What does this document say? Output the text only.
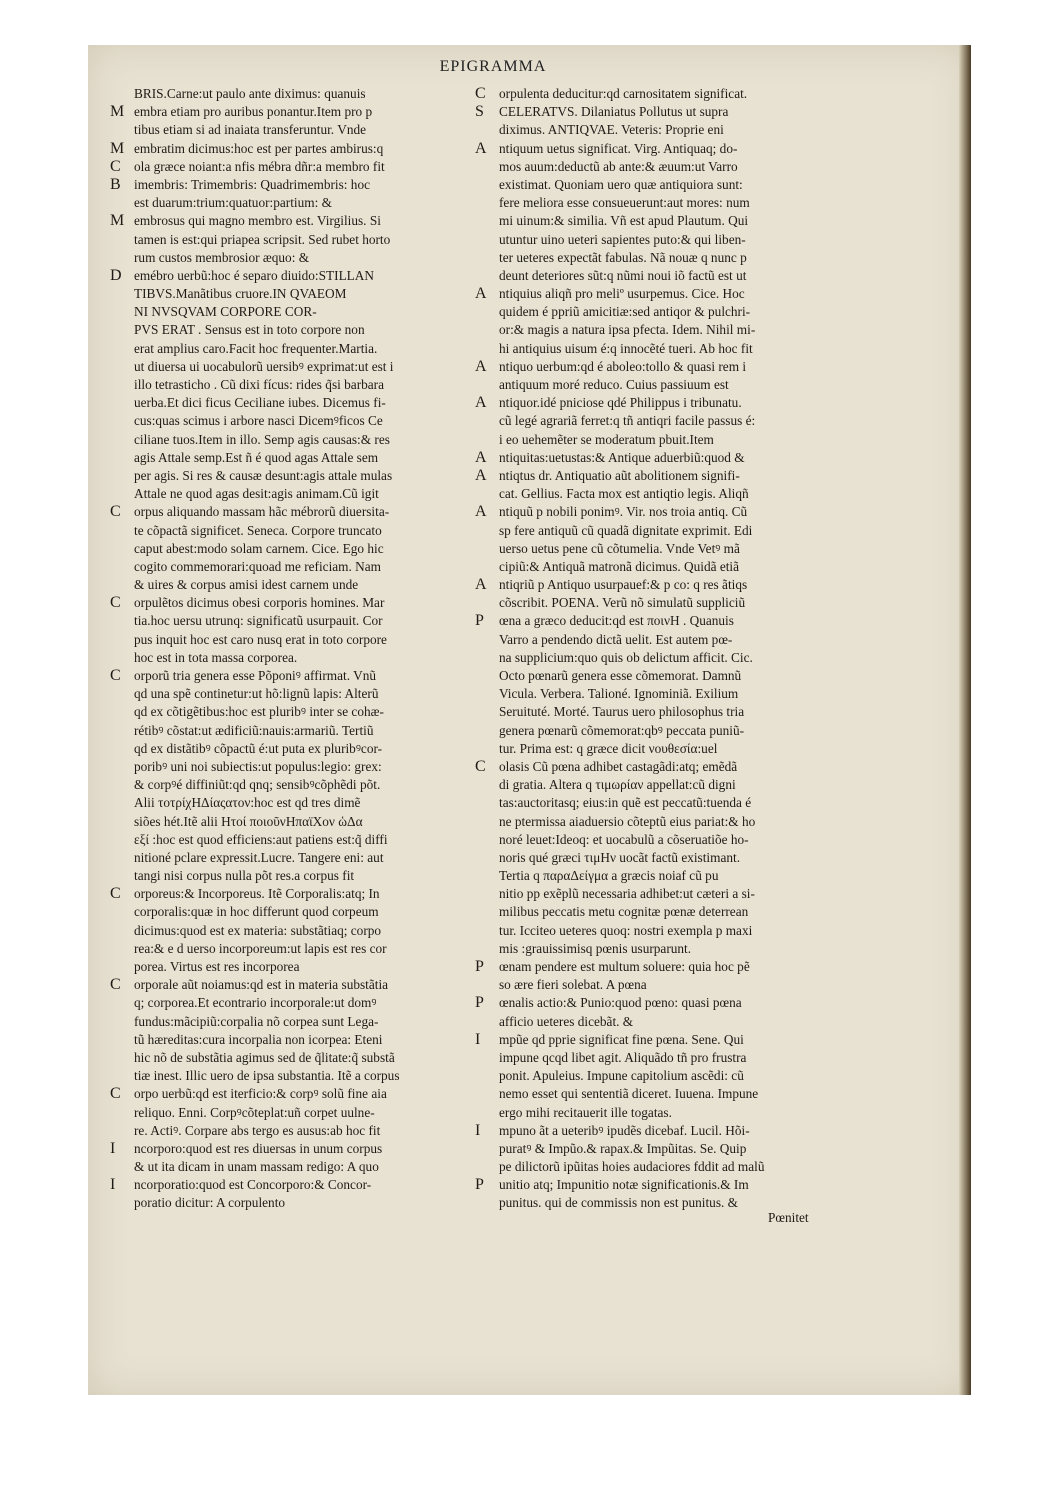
EPIGRAMMA
BRIS.Carne:ut paulo ante diximus: quanuis
M embra etiam pro auribus ponantur.Item pro p
tibus etiam si ad inaiata transferuntur. Vnde
M embratim dicimus:hoc est per partes ambirus:q
C ola græce noiant:a nfis mébra dñr:a membro fit
B imembris: Trimembris: Quadrimembris: hoc
est duarum:trium:quatuor:partium: &
M embrosus qui magno membro est. Virgilius. Si
tamen is est:qui priapea scripsit. Sed rubet horto
rum custos membrosior æquo: &
D emébro uerbũ:hoc é separo diuido:STILLAN
TIBVS.Manãtibus cruore.IN QVAEOM
NI NVSQVAM CORPORE COR-
PVS ERAT . Sensus est in toto corpore non
erat amplius caro.Facit hoc frequenter.Martia.
ut diuersa ui uocabulorũ uersibꝰ exprimat:ut est i
illo tetrasticho . Cũ dixi fícus: rides q̃si barbara
uerba.Et dici ficus Ceciliane iubes. Dicemus fi-
cus:quas scimus i arbore nasci Dicemꝰficos Ce
ciliane tuos.Item in illo. Semp agis causas:& res
agis Attale semp.Est ñ é quod agas Attale sem
per agis. Si res & causæ desunt:agis attale mulas
Attale ne quod agas desit:agis animam.Cũ igit
C orpus aliquando massam hãc mébrorũ diuersita-
te cõpactã significet. Seneca. Corpore truncato
caput abest:modo solam carnem. Cice. Ego hic
cogito commemorari:quoad me reficiam. Nam
& uires & corpus amisi idest carnem unde
C orpulẽtos dicimus obesi corporis homines. Mar
tia.hoc uersu utrunq: significatũ usurpauit. Cor
pus inquit hoc est caro nusq erat in toto corpore
hoc est in tota massa corporea.
C orporũ tria genera esse Põponiꝰ affirmat. Vnũ
qd una spẽ continetur:ut hõ:lignũ lapis: Alterũ
qd ex cõtigẽtibus:hoc est pluribꝰ inter se cohæ-
rétibꝰ cõstat:ut ædificiũ:nauis:armariũ. Tertiũ
qd ex distãtibꝰ cõpactũ é:ut puta ex pluribꝰcor-
poribꝰ uni noi subiectis:ut populus:legio: grex:
& corpꝰé diffiniũt:qd qnq; sensibꝰcõphẽdi põt.
Alii τοτρίχΗΔίαςατον:hoc est qd tres dimẽ
siões hét.Itẽ alii Ητοί ποιοῦνΗπαϊΧον ὡΔα
εξί :hoc est quod efficiens:aut patiens est:q̃ diffi
nitioné pclare expressit.Lucre. Tangere eni: aut
tangi nisi corpus nulla põt res.a corpus fit
C orporeus:& Incorporeus. Itẽ Corporalis:atq; In
corporalis:quæ in hoc differunt quod corpeum
dicimus:quod est ex materia: substãtiaq; corpo
rea:& e d uerso incorporeum:ut lapis est res cor
porea. Virtus est res incorporea
C orporale aũt noiamus:qd est in materia substãtia
q; corporea.Et econtrario incorporale:ut domꝰ
fundus:mãcipiũ:corpalia nõ corpea sunt Lega-
tũ hæreditas:cura incorpalia non icorpea: Eteni
hic nõ de substãtia agimus sed de q̃litate:q̃ substã
tiæ inest. Illic uero de ipsa substantia. Itẽ a corpus
C orpo uerbũ:qd est iterficio:& corpꝰ solũ fine aia
reliquo. Enni. Corpꝰcõteplat:uñ corpet uulne-
re. Actiꝰ. Corpare abs tergo es ausus:ab hoc fit
I ncorporo:quod est res diuersas in unum corpus
& ut ita dicam in unam massam redigo: A quo
I ncorporatio:quod est Concorporo:& Concor-
poratio dicitur: A corpulento
C orpulenta deducitur:qd carnositatem significat.
S CELERATVS. Dilaniatus Pollutus ut supra
diximus. ANTIQVAE. Veteris: Proprie eni
A ntiquum uetus significat. Virg. Antiquaq; do-
mos auum:deductũ ab ante:& æuum:ut Varro
existimat. Quoniam uero quæ antiquiora sunt:
fere meliora esse consueuerunt:aut mores: num
mi uinum:& similia. Vñ est apud Plautum. Qui
utuntur uino ueteri sapientes puto:& qui liben-
ter ueteres expectãt fabulas. Nã nouæ q nunc p
deunt deteriores sũt:q nũmi noui iõ factũ est ut
A ntiquius aliqñ pro meliº usurpemus. Cice. Hoc
quidem é ppriũ amicitiæ:sed antiqor & pulchri-
or:& magis a natura ipsa pfecta. Idem. Nihil mi-
hi antiquius uisum é:q innocẽté tueri. Ab hoc fit
A ntiquo uerbum:qd é aboleo:tollo & quasi rem i
antiquum moré reduco. Cuius passiuum est
A ntiquor.idé pniciose qdé Philippus i tribunatu.
cũ legé agrariã ferret:q tñ antiqri facile passus é:
i eo uehemẽter se moderatum pbuit.Item
A ntiquitas:uetustas:& Antique aduerbiũ:quod &
A ntiqtus dr. Antiquatio aũt abolitionem signifi-
cat. Gellius. Facta mox est antiqtio legis. Aliqñ
A ntiquũ p nobili ponimꝰ. Vir. nos troia antiq. Cũ
sp fere antiquũ cũ quadã dignitate exprimit. Edi
uerso uetus pene cũ cõtumelia. Vnde Vetꝰ mã
cipiũ:& Antiquã matronã dicimus. Quidã etiã
A ntiqriũ p Antiquo usurpauef:& p co: q res ãtiqs
cõscribit. POENA. Verũ nõ simulatũ suppliciũ
P œna a græco deducit:qd est ποινΗ . Quanuis
Varro a pendendo dictã uelit. Est autem pœ-
na supplicium:quo quis ob delictum afficit. Cic.
Octo pœnarũ genera esse cõmemorat. Damnũ
Vicula. Verbera. Talioné. Ignominiã. Exilium
Seruituté. Morté. Taurus uero philosophus tria
genera pœnarũ cõmemorat:qbꝰ peccata puniũ-
tur. Prima est: q græce dicit νουθεσία:uel
C olasis Cũ pœna adhibet castagãdi:atq; emẽdã
di gratia. Altera q τιμωρίαν appellat:cũ digni
tas:auctoritasq; eius:in quẽ est peccatũ:tuenda é
ne ptermissa aiaduersio cõteptũ eius pariat:& ho
noré leuet:Ideoq: et uocabulũ a cõseruatiõe ho-
noris qué græci τιμΗν uocãt factũ existimant.
Tertia q παραΔείγμα a græcis noiaf cũ pu
nitio pp exẽplũ necessaria adhibet:ut cæteri a si-
milibus peccatis metu cognitæ pœnæ deterrean
tur. Icciteo ueteres quoq: nostri exempla p maxi
mis :grauissimisq pœnis usurparunt.
P œnam pendere est multum soluere: quia hoc pẽ
so ære fieri solebat. A pœna
P œnalis actio:& Punio:quod pœno: quasi pœna
afficio ueteres dicebãt. &
I mpũe qd pprie significat fine pœna. Sene. Qui
impune qcqd libet agit. Aliquãdo tñ pro frustra
ponit. Apuleius. Impune capitolium ascẽdi: cũ
nemo esset qui sententiã diceret. Iuuena. Impune
ergo mihi recitauerit ille togatas.
I mpuno ãt a ueteribꝰ ipudẽs dicebaf. Lucil. Hõi-
puratꝰ & Impũo.& rapax.& Impũitas. Se. Quip
pe dilictorũ ipũitas hoies audaciores fddit ad malũ
P unitio atq; Impunitio notæ significationis.& Im
punitus. qui de commissis non est punitus. &
Pœnitet
